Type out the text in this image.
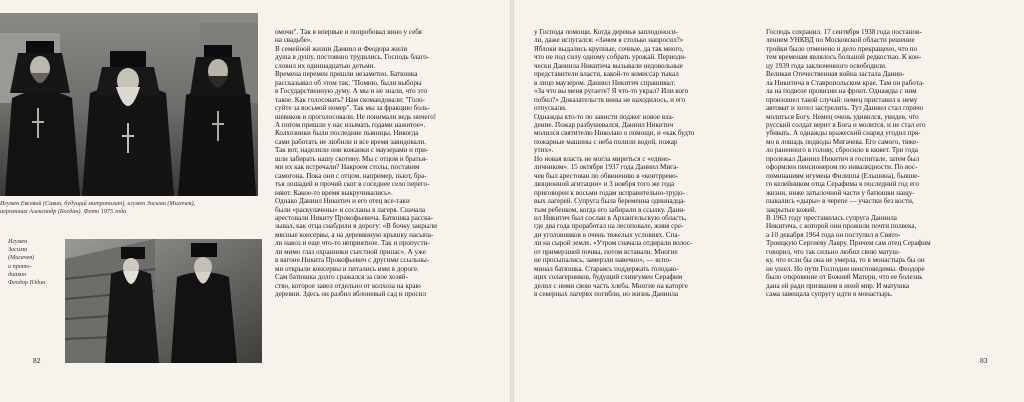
Игумен Евсевий (Савин, будущий митрополит), игумен Зосима (Мигачев),
иеромонах Александр (Богдан). Фото 1975 года
Игумен
Зосима
(Мигачев)
и прото-
диакон
Феодор Юдин
омочи". Так я впервые и попробовал вино у себя
на свадьбе».
В семейной жизни Даниил и Феодора жили
душа в душу, постоянно трудились. Господь благо-
словил их одиннадцатью детьми.
Времена перемен пришли незаметно. Батюшка
рассказывал об этом так: "Помню, были выборы
в Государственную думу. А мы и не знали, что это
такое. Как голосовать? Нам скомандовали: "Голо-
суйте за восьмой номер". Так мы за фракцию боль-
шевиков и проголосовали. Не понимали ведь ничего!
А потом пришли у нас изымать годами нажитое».
Колхозники были последние пьяницы. Никогда
сами работать не любили и все время завидовали.
Так вот, наделили они кожанки с маузерами и при-
шли забирать нашу скотину. Мы с отцом и братья-
ми их как встречали? Накроем столы, поставим
самогона. Пока они с отцом, например, пьют, бра-
тья лошадей и прочий скот в соседнее село перего-
няют. Какое-то время выкручивались».
Однако Даниил Никитич и его отец все-таки
были «раскулачены» и сосланы в лагеря. Сначала
арестовали Никиту Прокофьевича. Батюшка расска-
зывал, как отца снабдили в дорогу: «В бочку закрыли
мясные консервы, а на деревянную крышку насыпа-
ли навоз и еще что-то неприятное. Так и пропусти-
ли мимо глаз охранники съестной припас». А уже
в вагоне Никита Прокофьевич с другими ссыльны-
ми открыли консервы и питались ими в дороге.
Сам батюшка долго сражался за свое хозяй-
ство, которое завел отдельно от колхоза на краю
деревни. Здесь он разбил яблоневый сад и просил
82
у Господа помощи. Когда деревья заплодоноси-
ли, даже испугался: «Зачем я столько напросил?»
Яблоки выдались крупные, сочные, да так много,
что не под силу одному собрать урожай. Периоди-
чески Даниила Никитича вызывали недовольные
представители власти, какой-то комиссар тыкал
в лицо маузером. Даниил Никитич спрашивал:
«За что вы меня ругаете? Я что-то украл? Или кого
побил?» Доказательств вины не находилось, и его
отпускали.
Однажды кто-то по зависти поджег новое вла-
дение. Пожар разбушевался, Даниил Никитич
молился святителю Николаю о помощи, и «как будто
пожарные машины с неба полили водой, пожар
утих».
Но новая власть не могла мириться с «едино-
личником». 15 октября 1937 года Даниил Мига-
чев был арестован по обвинению в «контррево-
люционной агитации» и 3 ноября того же года
приговорен к восьми годам исправительно-трудо-
вых лагерей. Супруга была беременна одиннадца-
тым ребенком, когда его забирали в ссылку. Дани-
ил Никитич был сослан в Архангельскую область,
где два года проработал на лесоповале, живя сре-
ди уголовников в очень тяжелых условиях. Спа-
ли на сырой земле. «Утром сначала отдирали волос-
от примерзшей почвы, потом вставали. Многие
не просыпались, замерзли навечно», — вспо-
минал батюшка. Стараясь поддержать голодаю-
щих солагерников, будущий схиигумен Серафим
делил с ними свою часть хлеба. Многие на каторге
в северных лагерях погибли, но жизнь Даниила
Господь сохранил. 17 сентября 1938 года постанов-
лением УНКВД по Московской области решение
тройки было отменено и дело прекращено, что по
тем временам являлось большой редкостью. К кон-
цу 1939 года заключенного освободили.
Великая Отечественная война застала Дании-
ла Никитича в Ставропольском крае. Там он работа-
ла на подвозе провизии на фронт. Однажды с ним
произошел такой случай: немец приставил к нему
автомат и хотел застрелить. Тут Даниил стал горячо
молиться Богу. Немец очень удивился, увидев, что
русский солдат верит в Бога и молится, и не стал его
убивать. А однажды вражеский снаряд угодил пря-
мо в лошадь подводы Мигачева. Его самого, тяже-
ло раненного в голову, сбросило в кювет. Три года
пролежал Даниил Никитич в госпитале, затем был
оформлен пенсионером по инвалидности. По вос-
поминаниям игумена Филиппа (Ельшина), бывше-
го келейником отца Серафима в последний год его
жизни, ниже затылочной части у батюшки нащу-
пывались «дыры» в черепе — участки без кости,
закрытые кожей.
В 1963 году преставилась супруга Даниила
Никитича, с которой они прожили почти полвека,
а 10 декабря 1964 года он поступил в Свято-
Троицкую Сергиеву Лавру. Причем сам отец Серафим
говорил, что так сильно любил свою матуш-
ку, что если бы она не умерла, то в монастырь бы он
не ушел. Но пути Господни неисповедимы. Феодоре
было откровение от Божией Матери, что ее болезнь
дана ей ради призвания в иной мир. И матушка
сама завещала супругу идти в монастырь.
83
